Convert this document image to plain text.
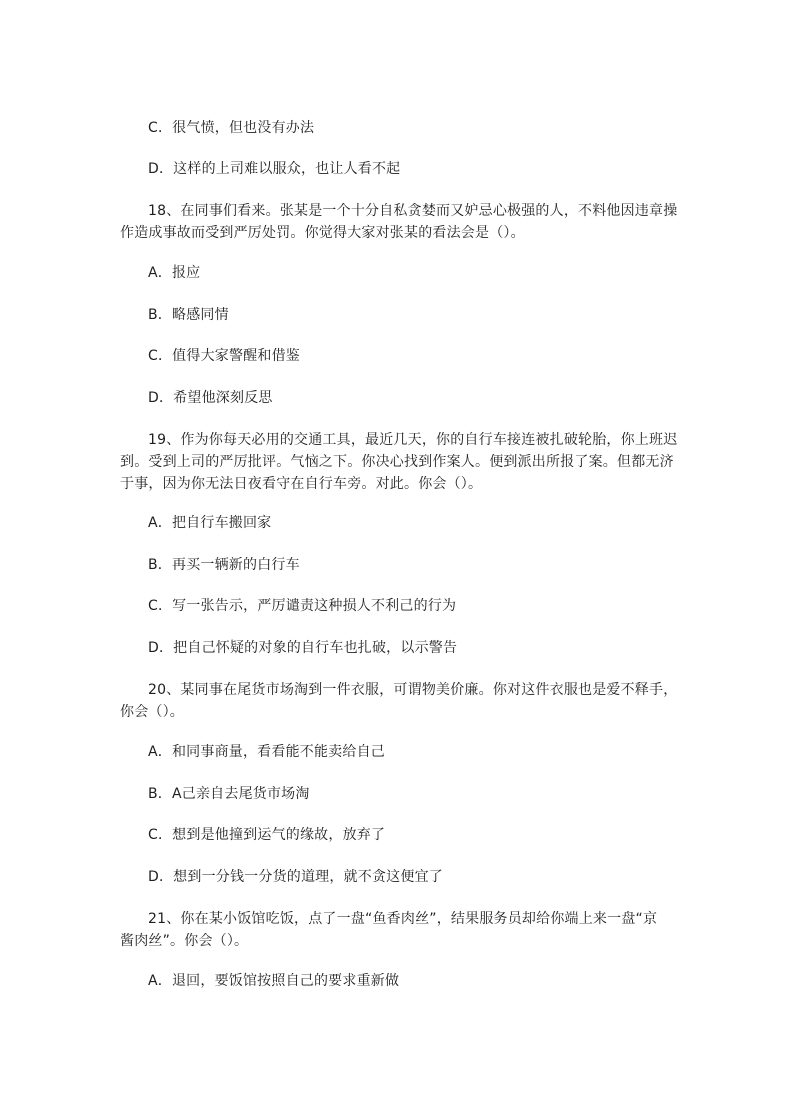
C．很气愤，但也没有办法
D．这样的上司难以服众，也让人看不起
18、在同事们看来。张某是一个十分自私贪婪而又妒忌心极强的人，不料他因违章操
作造成事故而受到严厉处罚。你觉得大家对张某的看法会是（）。
A．报应
B．略感同情
C．值得大家警醒和借鉴
D．希望他深刻反思
19、作为你每天必用的交通工具，最近几天，你的自行车接连被扎破轮胎，你上班迟
到。受到上司的严厉批评。气恼之下。你决心找到作案人。便到派出所报了案。但都无济
于事，因为你无法日夜看守在自行车旁。对此。你会（）。
A．把自行车搬回家
B．再买一辆新的白行车
C．写一张告示，严厉谴责这种损人不利己的行为
D．把自己怀疑的对象的自行车也扎破，以示警告
20、某同事在尾货市场淘到一件衣服，可谓物美价廉。你对这件衣服也是爱不释手，
你会（）。
A．和同事商量，看看能不能卖给自己
B．A己亲自去尾货市场淘
C．想到是他撞到运气的缘故，放弃了
D．想到一分钱一分货的道理，就不贪这便宜了
21、你在某小饭馆吃饭，点了一盘“鱼香肉丝”，结果服务员却给你端上来一盘“京
酱肉丝”。你会（）。
A．退回，要饭馆按照自己的要求重新做
